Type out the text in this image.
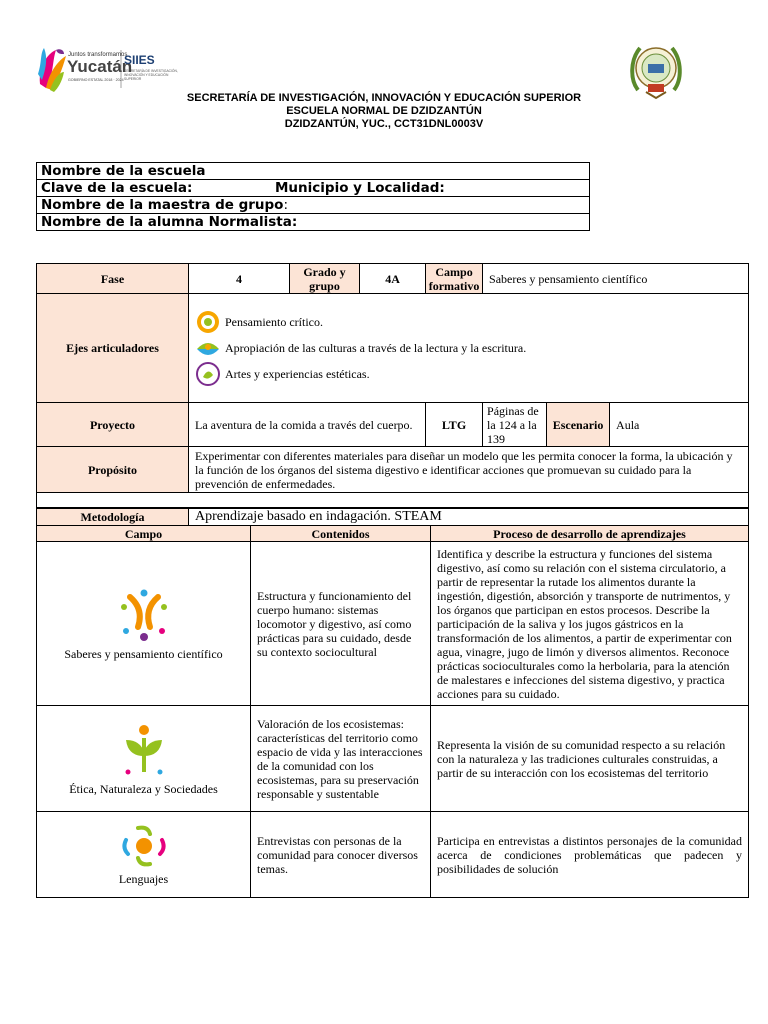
Juntos transformamos
Yucatán
GOBIERNO ESTATAL 2018 · 2024
SIIES
SECRETARÍA DE INVESTIGACIÓN,
INNOVACIÓN Y EDUCACIÓN
SUPERIOR
SECRETARÍA DE INVESTIGACIÓN, INNOVACIÓN Y EDUCACIÓN SUPERIOR
ESCUELA NORMAL DE DZIDZANTÚN
DZIDZANTÚN, YUC., CCT31DNL0003V
Nombre de la escuela
Clave de la escuela:	Municipio y Localidad:
Nombre de la maestra de grupo:
Nombre de la alumna Normalista:
Fase	4	Grado y grupo	4A	Campo formativo	Saberes y pensamiento científico		
Ejes articuladores	Pensamiento crítico.
Apropiación de las culturas a través de la lectura y la escritura.
Artes y experiencias estéticas.						

Proyecto	La aventura de la comida a través del cuerpo.			LTG	Páginas de la 124 a la 139	Escenario	Aula
Propósito	Experimentar con diferentes materiales para diseñar un modelo que les permita conocer la forma, la ubicación y la función de los órganos del sistema digestivo e identificar acciones que promuevan su cuidado para la prevención de enfermedades.						

Metodología	Aprendizaje basado en indagación. STEAM		
Campo		Contenidos	Proceso de desarrollo de aprendizajes

Saberes y pensamiento científico		Estructura y funcionamiento del cuerpo humano: sistemas locomotor y digestivo, así como prácticas para su cuidado, desde su contexto sociocultural	Identifica y describe la estructura y funciones del sistema digestivo, así como su relación con el sistema circulatorio, a partir de representar la rutade los alimentos durante la ingestión, digestión, absorción y transporte de nutrimentos, y los órganos que participan en estos procesos. Describe la participación de la saliva y los jugos gástricos en la transformación de los alimentos, a partir de experimentar con agua, vinagre, jugo de limón y diversos alimentos. Reconoce prácticas socioculturales como la herbolaria, para la atención de malestares e infecciones del sistema digestivo, y practica acciones para su cuidado.

Ética, Naturaleza y Sociedades		Valoración de los ecosistemas: características del territorio como espacio de vida y las interacciones de la comunidad con los ecosistemas, para su preservación responsable y sustentable	Representa la visión de su comunidad respecto a su relación con la naturaleza y las tradiciones culturales construidas, a partir de su interacción con los ecosistemas del territorio

Lenguajes		Entrevistas con personas de la comunidad para conocer diversos temas.	Participa en entrevistas a distintos personajes de la comunidad acerca de condiciones problemáticas que padecen y posibilidades de solución
